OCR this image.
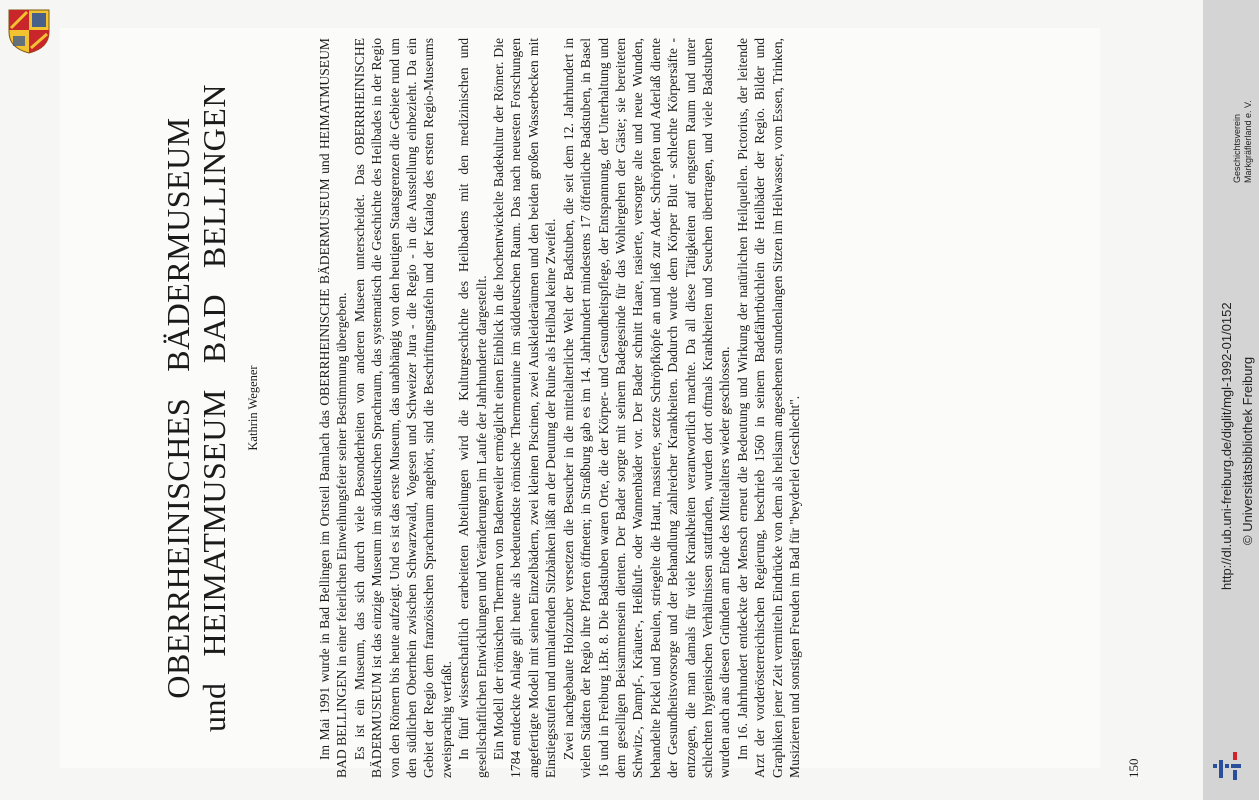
OBERRHEINISCHESBÄDERMUSEUM
undHEIMATMUSEUMBADBELLINGEN
Kathrin Wegener	Im Mai 1991 wurde in Bad Bellingen im Ortsteil Bamlach das OBERRHEINISCHE BÄDERMUSEUM und HEIMATMUSEUM BAD BELLINGEN in einer feierlichen Einweihungsfeier seiner Bestimmung übergeben. Es ist ein Museum, das sich durch viele Besonderheiten von anderen Museen unterscheidet. Das OBERRHEINISCHE BÄDERMUSEUM ist das einzige Museum im süddeutschen Sprachraum, das systematisch die Geschichte des Heilbades in der Regio von den Römern bis heute aufzeigt. Und es ist das erste Museum, das unabhängig von den heutigen Staatsgrenzen die Gebiete rund um den südlichen Oberrhein zwischen Schwarzwald, Vogesen und Schweizer Jura - die Regio - in die Ausstellung einbezieht. Da ein Gebiet der Regio dem französischen Sprachraum angehört, sind die Beschriftungstafeln und der Katalog des ersten Regio-Museums zweisprachig verfaßt. In fünf wissenschaftlich erarbeiteten Abteilungen wird die Kulturgeschichte des Heilbadens mit den medizinischen und gesellschaftlichen Entwicklungen und Veränderungen im Laufe der Jahrhunderte dargestellt. Ein Modell der römischen Thermen von Badenweiler ermöglicht einen Einblick in die hochentwickelte Badekultur der Römer. Die 1784 entdeckte Anlage gilt heute als bedeutendste römische Thermenruine im süddeutschen Raum. Das nach neuesten Forschungen angefertigte Modell mit seinen Einzelbädern, zwei kleinen Piscinen, zwei Auskleideräumen und den beiden großen Wasserbecken mit Einstiegsstufen und umlaufenden Sitzbänken läßt an der Deutung der Ruine als Heilbad keine Zweifel. Zwei nachgebaute Holzzuber versetzen die Besucher in die mittelalterliche Welt der Badstuben, die seit dem 12. Jahrhundert in vielen Städten der Regio ihre Pforten öffneten; in Straßburg gab es im 14. Jahrhundert mindestens 17 öffentliche Badstuben, in Basel 16 und in Freiburg i.Br. 8. Die Badstuben waren Orte, die der Körper- und Gesundheitspflege, der Entspannung, der Unterhaltung und dem geselligen Beisammensein dienten. Der Bader sorgte mit seinem Badegesinde für das Wohlergehen der Gäste; sie bereiteten Schwitz-, Dampf-, Kräuter-, Heißluft- oder Wannenbäder vor. Der Bader schnitt Haare, rasierte, versorgte alte und neue Wunden, behandelte Pickel und Beulen, striegelte die Haut, massierte, setzte Schröpfköpfe an und ließ zur Ader. Schröpfen und Aderlaß diente der Gesundheitsvorsorge und der Behandlung zahlreicher Krankheiten. Dadurch wurde dem Körper Blut - schlechte Körpersäfte - entzogen, die man damals für viele Krankheiten verantwortlich machte. Da all diese Tätigkeiten auf engstem Raum und unter schlechten hygienischen Verhältnissen stattfanden, wurden dort oftmals Krankheiten und Seuchen übertragen, und viele Badstuben wurden auch aus diesen Gründen am Ende des Mittelalters wieder geschlossen. Im 16. Jahrhundert entdeckte der Mensch erneut die Bedeutung und Wirkung der natürlichen Heilquellen. Pictorius, der leitende Arzt der vorderösterreichischen Regierung, beschrieb 1560 in seinem Badefährtbüchlein die Heilbäder der Regio. Bilder und Graphiken jener Zeit vermitteln Eindrücke von dem als heilsam angesehenen stundenlangen Sitzen im Heilwasser, vom Essen, Trinken, Musizieren und sonstigen Freuden im Bad für "beyderlei Geschlecht".	150
Geschichtsverein Markgräflerland e. V.
http://dl.ub.uni-freiburg.de/diglit/mgl-1992-01/0152 © Universitätsbibliothek Freiburg
